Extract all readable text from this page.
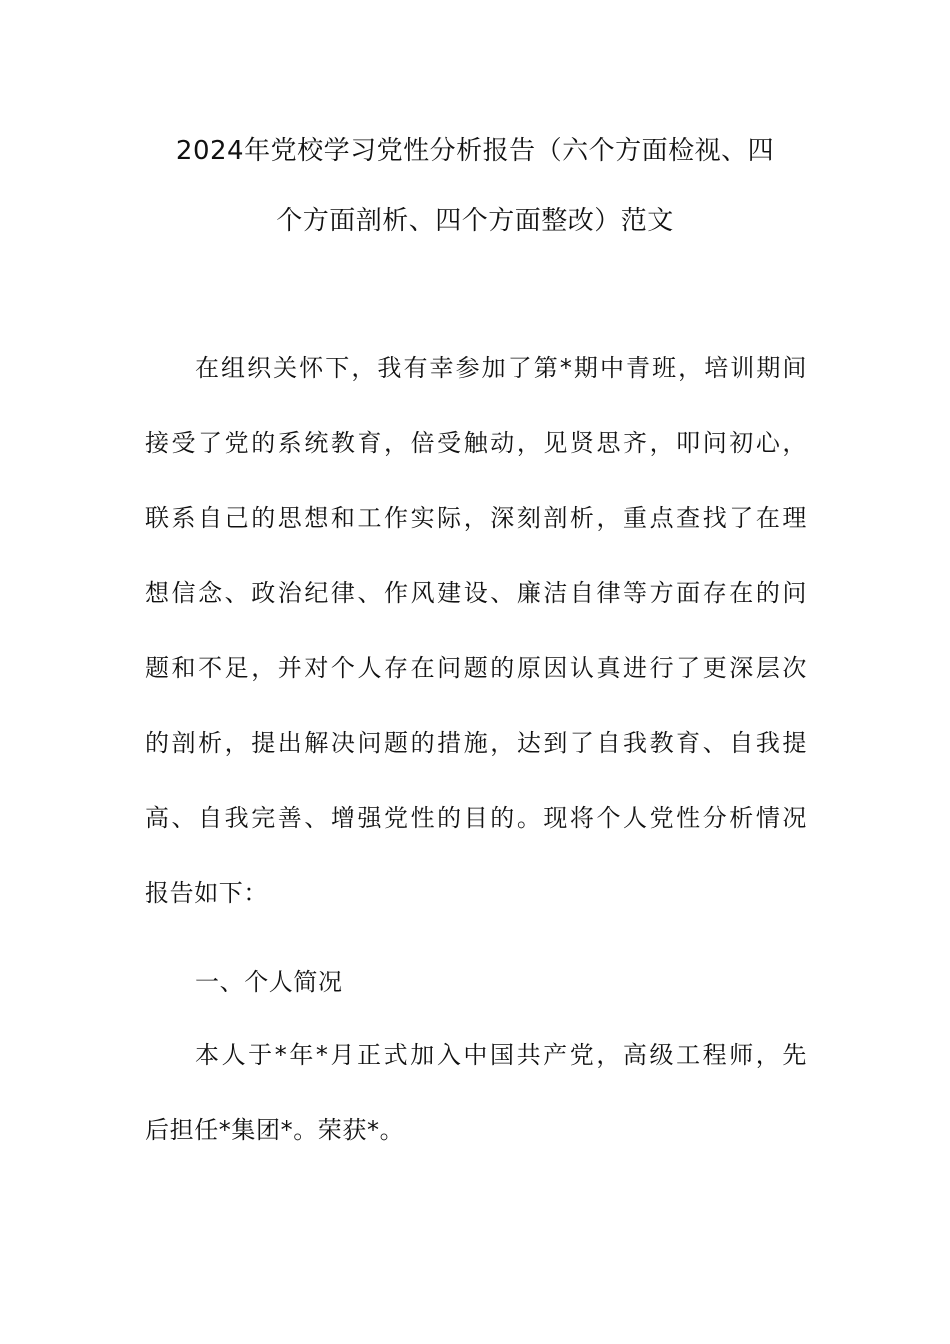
2024年党校学习党性分析报告（六个方面检视、四
个方面剖析、四个方面整改）范文
在组织关怀下，我有幸参加了第*期中青班，培训期间
接受了党的系统教育，倍受触动，见贤思齐，叩问初心，
联系自己的思想和工作实际，深刻剖析，重点查找了在理
想信念、政治纪律、作风建设、廉洁自律等方面存在的问
题和不足，并对个人存在问题的原因认真进行了更深层次
的剖析，提出解决问题的措施，达到了自我教育、自我提
高、自我完善、增强党性的目的。现将个人党性分析情况
报告如下：
一、个人简况
本人于*年*月正式加入中国共产党，高级工程师，先
后担任*集团*。荣获*。
